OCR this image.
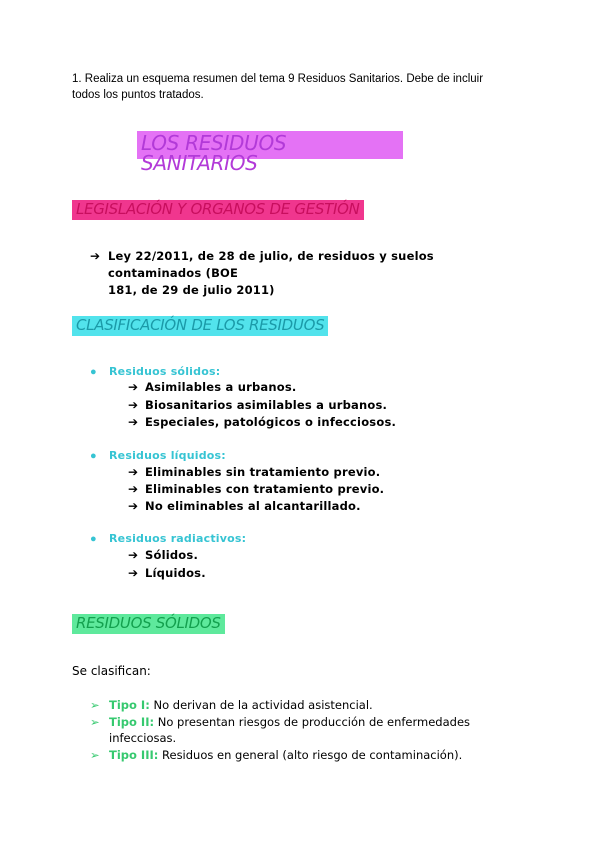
1. Realiza un esquema resumen del tema 9 Residuos Sanitarios. Debe de incluir
todos los puntos tratados.
LOS RESIDUOS SANITARIOS
LEGISLACIÓN Y ORGANOS DE GESTIÓN
➔ Ley 22/2011, de 28 de julio, de residuos y suelos contaminados (BOE
181, de 29 de julio 2011)
CLASIFICACIÓN DE LOS RESIDUOS
●	Residuos sólidos:
➔ Asimilables a urbanos.
➔ Biosanitarios asimilables a urbanos.
➔ Especiales, patológicos o infecciosos.
●	Residuos líquidos:
➔ Eliminables sin tratamiento previo.
➔ Eliminables con tratamiento previo.
➔ No eliminables al alcantarillado.
●	Residuos radiactivos:
➔ Sólidos.
➔ Líquidos.
RESIDUOS SÓLIDOS
Se clasifican:
➢ Tipo I: No derivan de la actividad asistencial.
➢ Tipo II: No presentan riesgos de producción de enfermedades
infecciosas.
➢ Tipo III: Residuos en general (alto riesgo de contaminación).
